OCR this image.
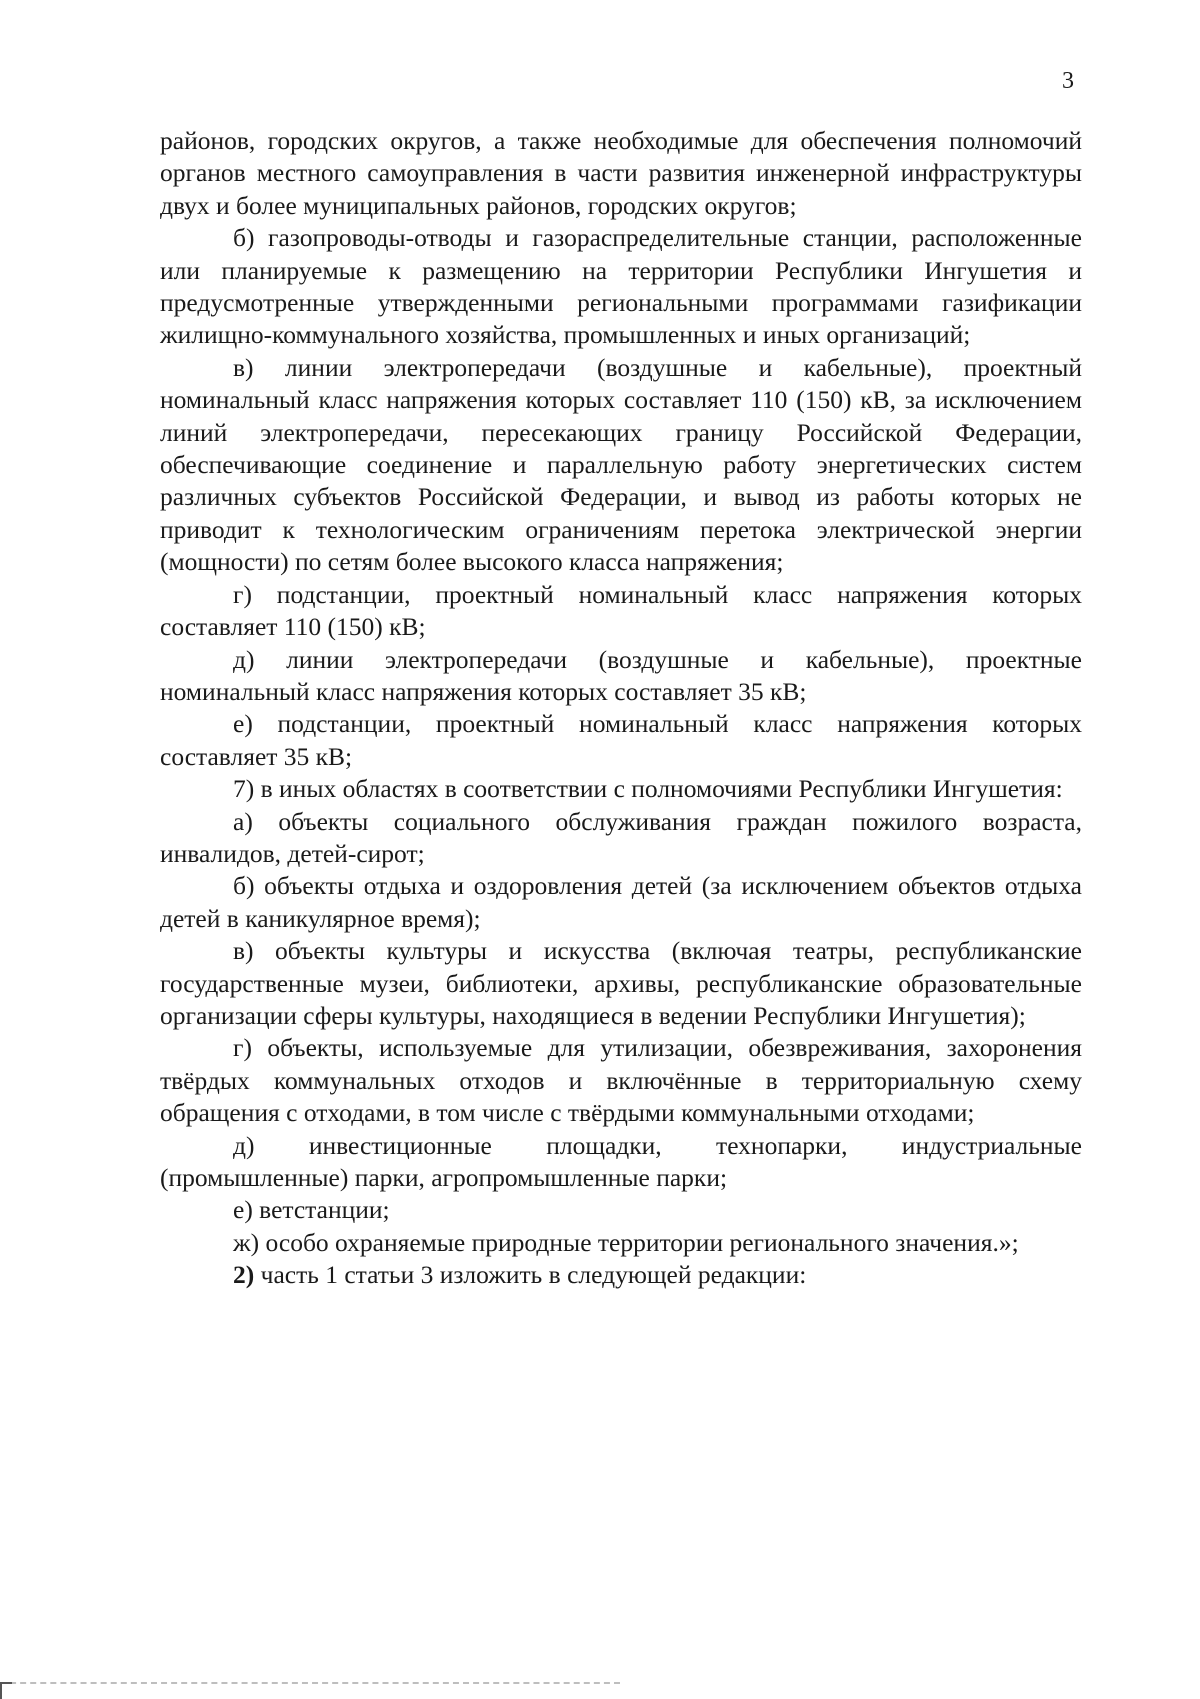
3

районов, городских округов, а также необходимые для обеспечения полномочий органов местного самоуправления в части развития инженерной инфраструктуры двух и более муниципальных районов, городских округов;

б) газопроводы-отводы и газораспределительные станции, расположенные или планируемые к размещению на территории Республики Ингушетия и предусмотренные утвержденными региональными программами газификации жилищно-коммунального хозяйства, промышленных и иных организаций;

в) линии электропередачи (воздушные и кабельные), проектный номинальный класс напряжения которых составляет 110 (150) кВ, за исключением линий электропередачи, пересекающих границу Российской Федерации, обеспечивающие соединение и параллельную работу энергетических систем различных субъектов Российской Федерации, и вывод из работы которых не приводит к технологическим ограничениям перетока электрической энергии (мощности) по сетям более высокого класса напряжения;

г) подстанции, проектный номинальный класс напряжения которых составляет 110 (150) кВ;

д) линии электропередачи (воздушные и кабельные), проектные номинальный класс напряжения которых составляет 35 кВ;

е) подстанции, проектный номинальный класс напряжения которых составляет 35 кВ;

7) в иных областях в соответствии с полномочиями Республики Ингушетия:

а) объекты социального обслуживания граждан пожилого возраста, инвалидов, детей-сирот;

б) объекты отдыха и оздоровления детей (за исключением объектов отдыха детей в каникулярное время);

в) объекты культуры и искусства (включая театры, республиканские государственные музеи, библиотеки, архивы, республиканские образовательные организации сферы культуры, находящиеся в ведении Республики Ингушетия);

г) объекты, используемые для утилизации, обезвреживания, захоронения твёрдых коммунальных отходов и включённые в территориальную схему обращения с отходами, в том числе с твёрдыми коммунальными отходами;

д) инвестиционные площадки, технопарки, индустриальные (промышленные) парки, агропромышленные парки;

е) ветстанции;

ж) особо охраняемые природные территории регионального значения.»;

2) часть 1 статьи 3 изложить в следующей редакции:
